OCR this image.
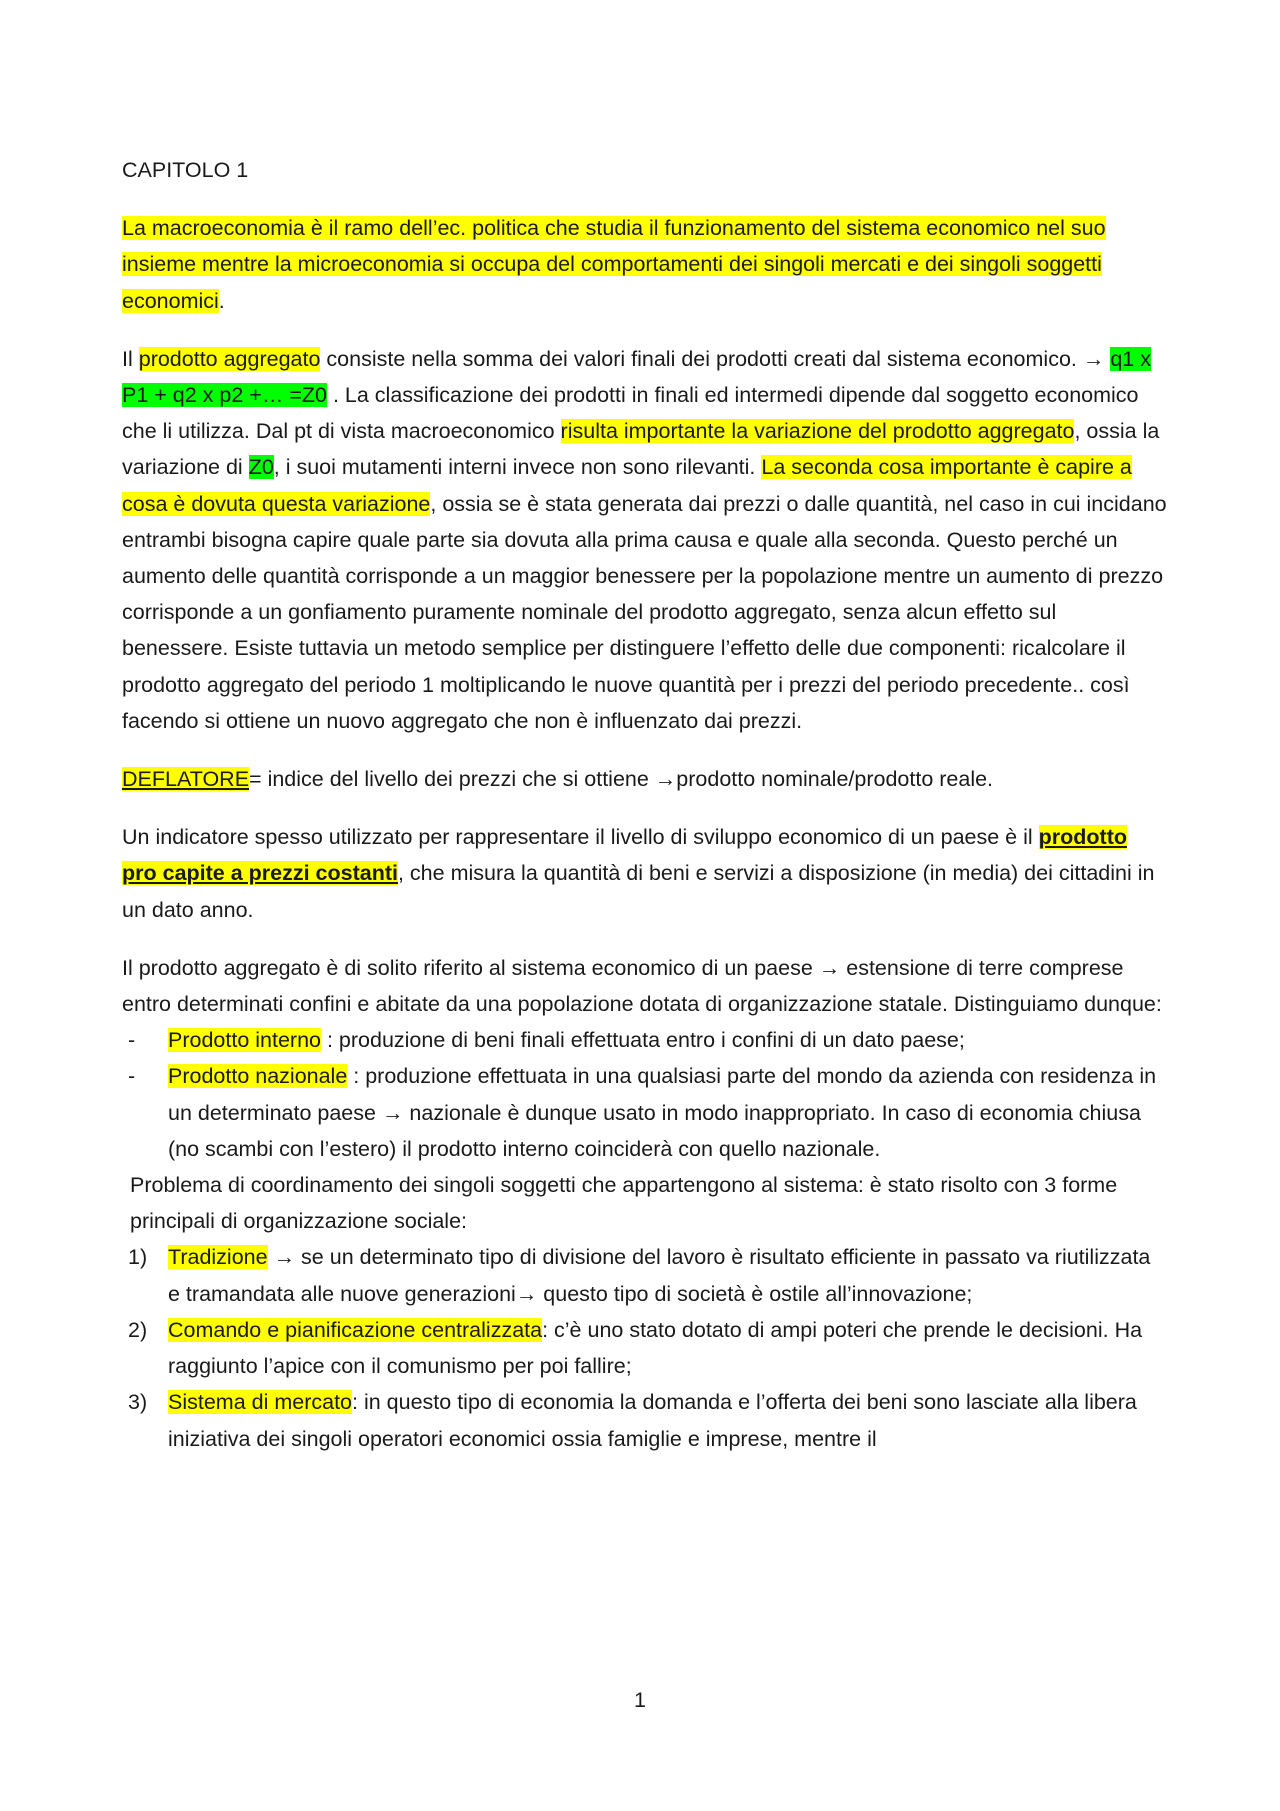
CAPITOLO 1

La macroeconomia è il ramo dell’ec. politica che studia il funzionamento del sistema economico nel suo insieme mentre la microeconomia si occupa del comportamenti dei singoli mercati e dei singoli soggetti economici.

Il prodotto aggregato consiste nella somma dei valori finali dei prodotti creati dal sistema economico. → q1 x P1 + q2 x p2 +… =Z0 . La classificazione dei prodotti in finali ed intermedi dipende dal soggetto economico che li utilizza. Dal pt di vista macroeconomico risulta importante la variazione del prodotto aggregato, ossia la variazione di Z0, i suoi mutamenti interni invece non sono rilevanti. La seconda cosa importante è capire a cosa è dovuta questa variazione, ossia se è stata generata dai prezzi o dalle quantità, nel caso in cui incidano entrambi bisogna capire quale parte sia dovuta alla prima causa e quale alla seconda. Questo perché un aumento delle quantità corrisponde a un maggior benessere per la popolazione mentre un aumento di prezzo corrisponde a un gonfiamento puramente nominale del prodotto aggregato, senza alcun effetto sul benessere. Esiste tuttavia un metodo semplice per distinguere l’effetto delle due componenti: ricalcolare il prodotto aggregato del periodo 1 moltiplicando le nuove quantità per i prezzi del periodo precedente.. così facendo si ottiene un nuovo aggregato che non è influenzato dai prezzi.

DEFLATORE= indice del livello dei prezzi che si ottiene →prodotto nominale/prodotto reale.

Un indicatore spesso utilizzato per rappresentare il livello di sviluppo economico di un paese è il prodotto pro capite a prezzi costanti, che misura la quantità di beni e servizi a disposizione (in media) dei cittadini in un dato anno.

Il prodotto aggregato è di solito riferito al sistema economico di un paese → estensione di terre comprese entro determinati confini e abitate da una popolazione dotata di organizzazione statale. Distinguiamo dunque:

- Prodotto interno : produzione di beni finali effettuata entro i confini di un dato paese;
- Prodotto nazionale : produzione effettuata in una qualsiasi parte del mondo da azienda con residenza in un determinato paese → nazionale è dunque usato in modo inappropriato. In caso di economia chiusa (no scambi con l’estero) il prodotto interno coinciderà con quello nazionale.

Problema di coordinamento dei singoli soggetti che appartengono al sistema: è stato risolto con 3 forme principali di organizzazione sociale:

1) Tradizione → se un determinato tipo di divisione del lavoro è risultato efficiente in passato va riutilizzata e tramandata alle nuove generazioni→ questo tipo di società è ostile all’innovazione;
2) Comando e pianificazione centralizzata: c’è uno stato dotato di ampi poteri che prende le decisioni. Ha raggiunto l’apice con il comunismo per poi fallire;
3) Sistema di mercato: in questo tipo di economia la domanda e l’offerta dei beni sono lasciate alla libera iniziativa dei singoli operatori economici ossia famiglie e imprese, mentre il
1
